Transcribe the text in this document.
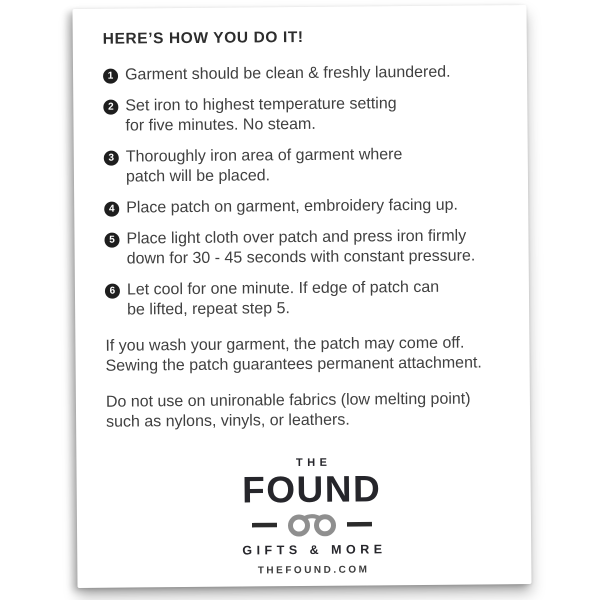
HERE’S HOW YOU DO IT!
1 Garment should be clean & freshly laundered.
2 Set iron to highest temperature setting
for five minutes. No steam.
3 Thoroughly iron area of garment where
patch will be placed.
4 Place patch on garment, embroidery facing up.
5 Place light cloth over patch and press iron firmly
down for 30 - 45 seconds with constant pressure.
6 Let cool for one minute. If edge of patch can
be lifted, repeat step 5.
If you wash your garment, the patch may come off.
Sewing the patch guarantees permanent attachment.
Do not use on unironable fabrics (low melting point)
such as nylons, vinyls, or leathers.
THE
FOUND
GIFTS & MORE
THEFOUND.COM
